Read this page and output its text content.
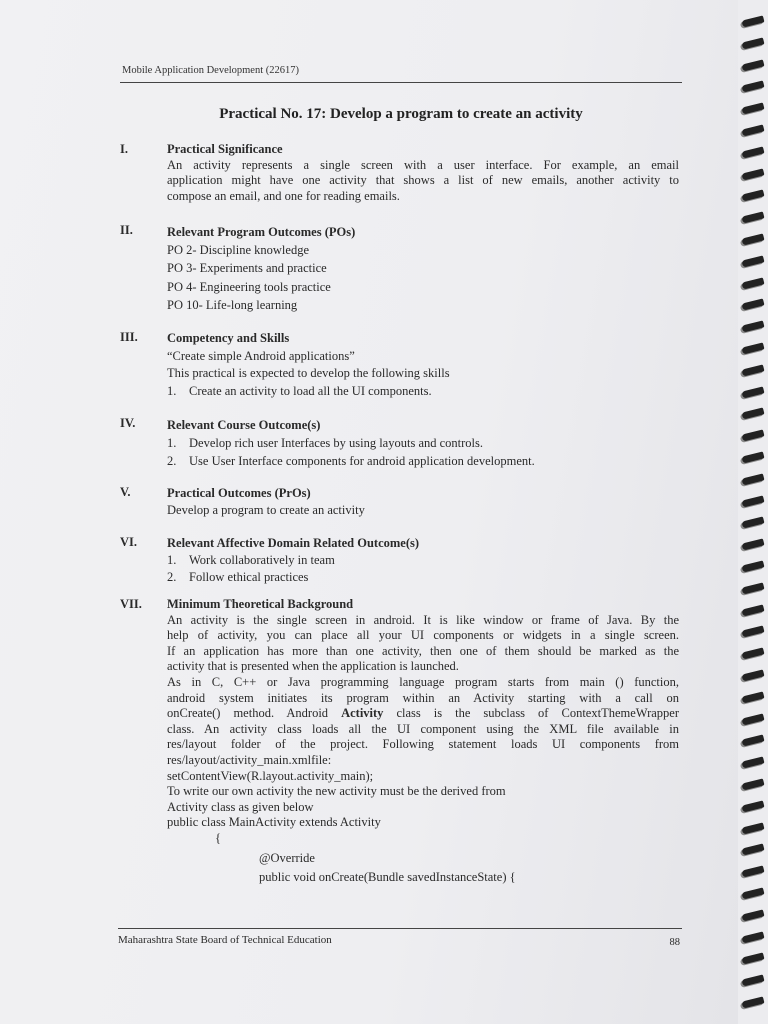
Mobile Application Development (22617)
Practical No. 17: Develop a program to create an activity
I.	Practical Significance
An activity represents a single screen with a user interface. For example, an email
application might have one activity that shows a list of new emails, another activity to
compose an email, and one for reading emails.
II.	Relevant Program Outcomes (POs)
PO 2- Discipline knowledge
PO 3- Experiments and practice
PO 4- Engineering tools practice
PO 10- Life-long learning
III. Competency and Skills
“Create simple Android applications”
This practical is expected to develop the following skills
1. Create an activity to load all the UI components.
IV.	Relevant Course Outcome(s)
1. Develop rich user Interfaces by using layouts and controls.
2. Use User Interface components for android application development.
V.	Practical Outcomes (PrOs)
Develop a program to create an activity
VI. Relevant Affective Domain Related Outcome(s)
1. Work collaboratively in team
2. Follow ethical practices
VII. Minimum Theoretical Background
An activity is the single screen in android. It is like window or frame of Java. By the
help of activity, you can place all your UI components or widgets in a single screen.
If an application has more than one activity, then one of them should be marked as the
activity that is presented when the application is launched.
As in C, C++ or Java programming language program starts from main () function,
android system initiates its program within an Activity starting with a call on
onCreate() method. Android Activity class is the subclass of ContextThemeWrapper
class. An activity class loads all the UI component using the XML file available in
res/layout folder of the project. Following statement loads UI components from
res/layout/activity_main.xmlfile:
setContentView(R.layout.activity_main);
To write our own activity the new activity must be the derived from
Activity class as given below
public class MainActivity extends Activity
{
@Override
public void onCreate(Bundle savedInstanceState) {
Maharashtra State Board of Technical Education	88
